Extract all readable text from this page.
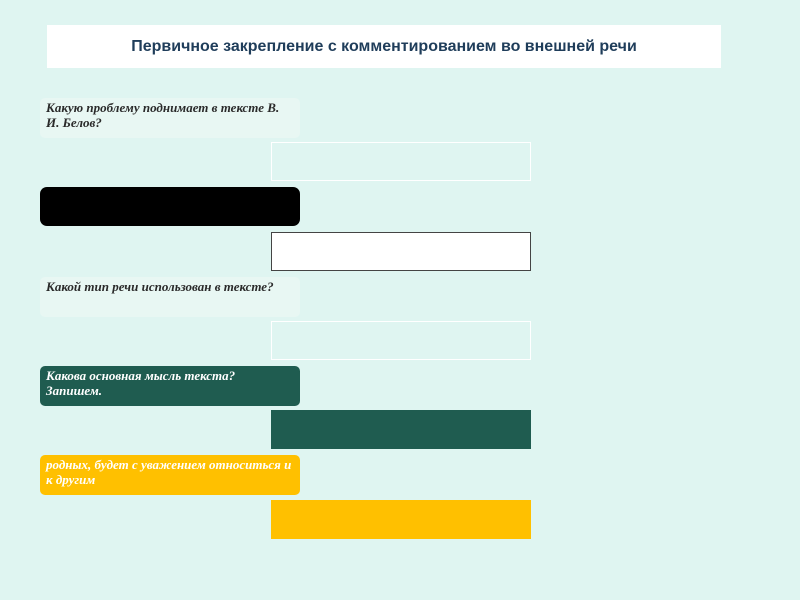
Первичное закрепление с комментированием во внешней речи
Какую проблему поднимает в тексте В. И. Белов?
Какой тип речи использован в тексте?
Какова основная мысль текста? Запишем.
родных, будет с уважением относиться и к другим
